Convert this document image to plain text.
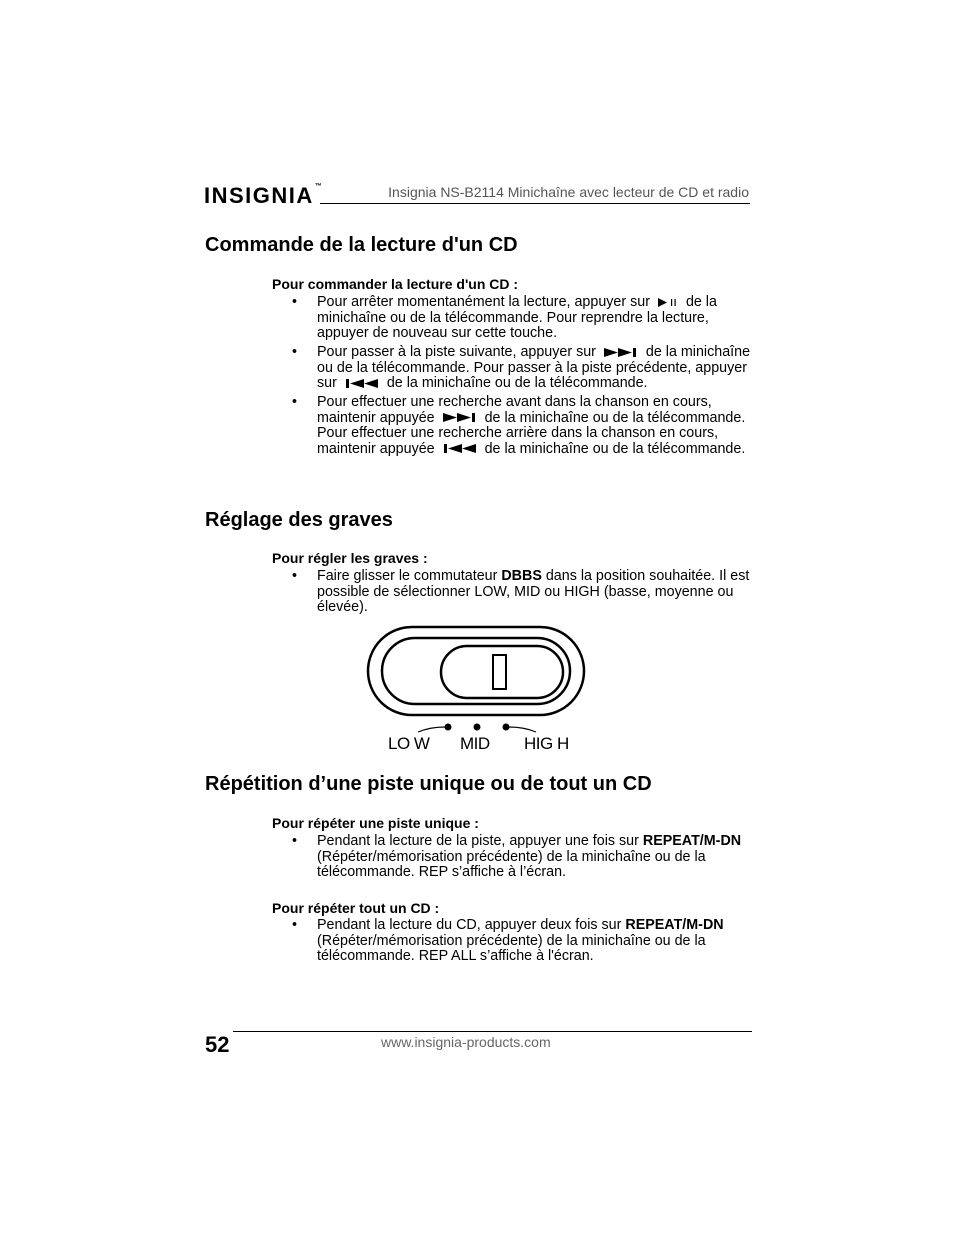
INSIGNIA™	Insignia NS-B2114 Minichaîne avec lecteur de CD et radio
Commande de la lecture d'un CD
Pour commander la lecture d'un CD :
• Pour arrêter momentanément la lecture, appuyer sur	de la minichaîne ou de la télécommande. Pour reprendre la lecture, appuyer de nouveau sur cette touche.
• Pour passer à la piste suivante, appuyer sur	de la minichaîne ou de la télécommande. Pour passer à la piste précédente, appuyer sur	de la minichaîne ou de la télécommande.
• Pour effectuer une recherche avant dans la chanson en cours, maintenir appuyée	de la minichaîne ou de la télécommande. Pour effectuer une recherche arrière dans la chanson en cours, maintenir appuyée	de la minichaîne ou de la télécommande.
Réglage des graves
Pour régler les graves :
• Faire glisser le commutateur DBBS dans la position souhaitée. Il est possible de sélectionner LOW, MID ou HIGH (basse, moyenne ou élevée).
LO W MID HIG H
Répétition d’une piste unique ou de tout un CD
Pour répéter une piste unique :
• Pendant la lecture de la piste, appuyer une fois sur REPEAT/M-DN (Répéter/mémorisation précédente) de la minichaîne ou de la télécommande. REP s’affiche à l’écran.
Pour répéter tout un CD :
• Pendant la lecture du CD, appuyer deux fois sur REPEAT/M-DN (Répéter/mémorisation précédente) de la minichaîne ou de la télécommande. REP ALL s’affiche à l'écran.
52	www.insignia-products.com
